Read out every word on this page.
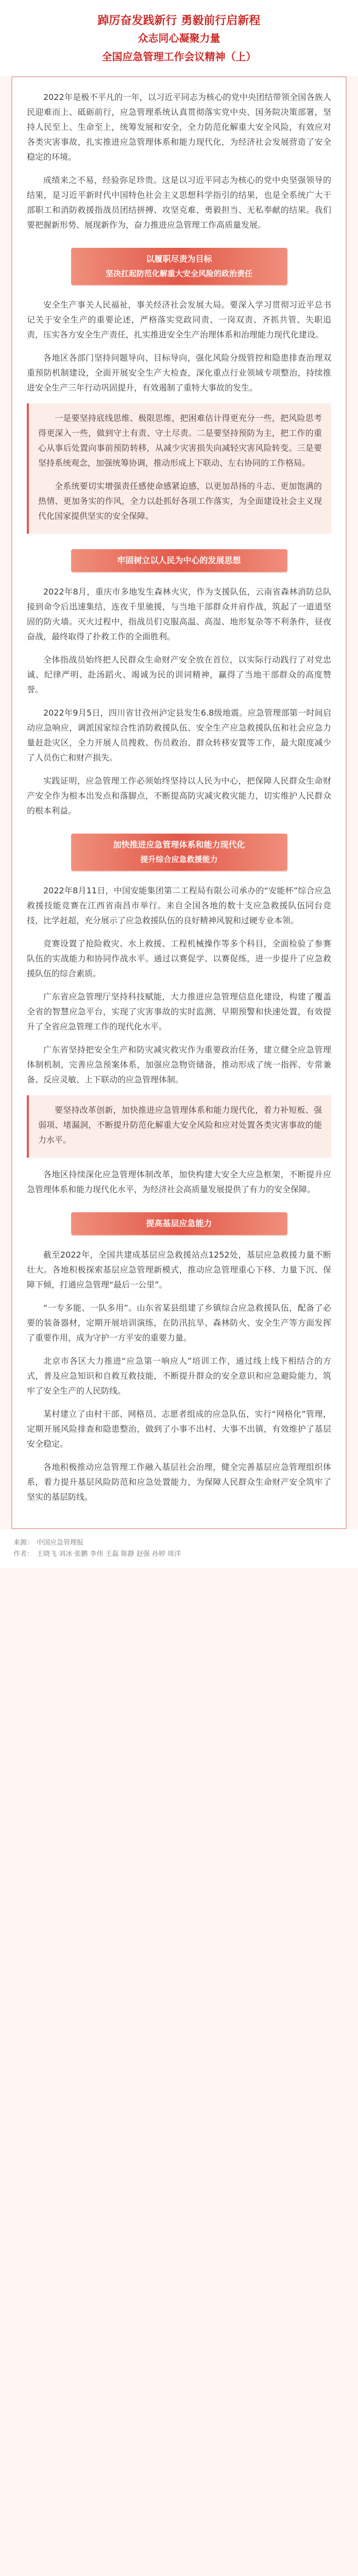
踔厉奋发践新行 勇毅前行启新程
众志同心凝聚力量
全国应急管理工作会议精神（上）

2022年是极不平凡的一年，以习近平同志为核心的党中央团结带领全国各族人民迎难而上、砥砺前行，应急管理系统认真贯彻落实党中央、国务院决策部署，坚持人民至上、生命至上，统筹发展和安全，全力防范化解重大安全风险，有效应对各类灾害事故，扎实推进应急管理体系和能力现代化，为经济社会发展营造了安全稳定的环境。

成绩来之不易，经验弥足珍贵。这是以习近平同志为核心的党中央坚强领导的结果，是习近平新时代中国特色社会主义思想科学指引的结果，也是全系统广大干部职工和消防救援指战员团结拼搏、攻坚克难、勇毅担当、无私奉献的结果。我们要把握新形势、展现新作为，奋力推进应急管理工作高质量发展。

以履职尽责为目标
坚决扛起防范化解重大安全风险的政治责任

安全生产事关人民福祉，事关经济社会发展大局。要深入学习贯彻习近平总书记关于安全生产的重要论述，严格落实党政同责、一岗双责、齐抓共管、失职追责，压实各方安全生产责任，扎实推进安全生产治理体系和治理能力现代化建设。

各地区各部门坚持问题导向、目标导向，强化风险分级管控和隐患排查治理双重预防机制建设，全面开展安全生产大检查，深化重点行业领域专项整治，持续推进安全生产三年行动巩固提升，有效遏制了重特大事故的发生。

一是要坚持底线思维、极限思维，把困难估计得更充分一些，把风险思考得更深入一些，做到守土有责、守土尽责。二是要坚持预防为主，把工作的重心从事后处置向事前预防转移，从减少灾害损失向减轻灾害风险转变。三是要坚持系统观念，加强统筹协调，推动形成上下联动、左右协同的工作格局。

全系统要切实增强责任感使命感紧迫感，以更加昂扬的斗志、更加饱满的热情、更加务实的作风，全力以赴抓好各项工作落实，为全面建设社会主义现代化国家提供坚实的安全保障。

牢固树立以人民为中心的发展思想

2022年8月，重庆市多地发生森林火灾，作为支援队伍，云南省森林消防总队接到命令后迅速集结，连夜千里驰援，与当地干部群众并肩作战，筑起了一道道坚固的防火墙。灭火过程中，指战员们克服高温、高湿、地形复杂等不利条件，昼夜奋战，最终取得了扑救工作的全面胜利。

全体指战员始终把人民群众生命财产安全放在首位，以实际行动践行了对党忠诚、纪律严明、赴汤蹈火、竭诚为民的训词精神，赢得了当地干部群众的高度赞誉。

2022年9月5日，四川省甘孜州泸定县发生6.8级地震。应急管理部第一时间启动应急响应，调派国家综合性消防救援队伍、安全生产应急救援队伍和社会应急力量赶赴灾区，全力开展人员搜救、伤员救治、群众转移安置等工作，最大限度减少了人员伤亡和财产损失。

实践证明，应急管理工作必须始终坚持以人民为中心，把保障人民群众生命财产安全作为根本出发点和落脚点，不断提高防灾减灾救灾能力，切实维护人民群众的根本利益。

加快推进应急管理体系和能力现代化
提升综合应急救援能力

2022年8月11日，中国安能集团第二工程局有限公司承办的“安能杯”综合应急救援技能竞赛在江西省南昌市举行。来自全国各地的数十支应急救援队伍同台竞技，比学赶超，充分展示了应急救援队伍的良好精神风貌和过硬专业本领。

竞赛设置了抢险救灾、水上救援、工程机械操作等多个科目，全面检验了参赛队伍的实战能力和协同作战水平。通过以赛促学、以赛促练，进一步提升了应急救援队伍的综合素质。

广东省应急管理厅坚持科技赋能，大力推进应急管理信息化建设，构建了覆盖全省的智慧应急平台，实现了灾害事故的实时监测、早期预警和快速处置，有效提升了全省应急管理工作的现代化水平。

广东省坚持把安全生产和防灾减灾救灾作为重要政治任务，建立健全应急管理体制机制，完善应急预案体系，加强应急物资储备，推动形成了统一指挥、专常兼备、反应灵敏、上下联动的应急管理体制。

要坚持改革创新，加快推进应急管理体系和能力现代化，着力补短板、强弱项、堵漏洞，不断提升防范化解重大安全风险和应对处置各类灾害事故的能力水平。

各地区持续深化应急管理体制改革，加快构建大安全大应急框架，不断提升应急管理体系和能力现代化水平，为经济社会高质量发展提供了有力的安全保障。

提高基层应急能力

截至2022年，全国共建成基层应急救援站点1252处，基层应急救援力量不断壮大。各地积极探索基层应急管理新模式，推动应急管理重心下移、力量下沉、保障下倾，打通应急管理“最后一公里”。

“一专多能、一队多用”。山东省某县组建了乡镇综合应急救援队伍，配备了必要的装备器材，定期开展培训演练，在防汛抗旱、森林防火、安全生产等方面发挥了重要作用，成为守护一方平安的重要力量。

北京市各区大力推进“应急第一响应人”培训工作，通过线上线下相结合的方式，普及应急知识和自救互救技能，不断提升群众的安全意识和应急避险能力，筑牢了安全生产的人民防线。

某村建立了由村干部、网格员、志愿者组成的应急队伍，实行“网格化”管理，定期开展风险排查和隐患整治，做到了小事不出村、大事不出镇，有效维护了基层安全稳定。

各地积极推动应急管理工作融入基层社会治理，健全完善基层应急管理组织体系，着力提升基层风险防范和应急处置能力，为保障人民群众生命财产安全筑牢了坚实的基层防线。

来源： 中国应急管理报
作者： 王晓飞 刘冰 张鹏 李伟 王磊 陈静 赵强 孙婷 周洋
